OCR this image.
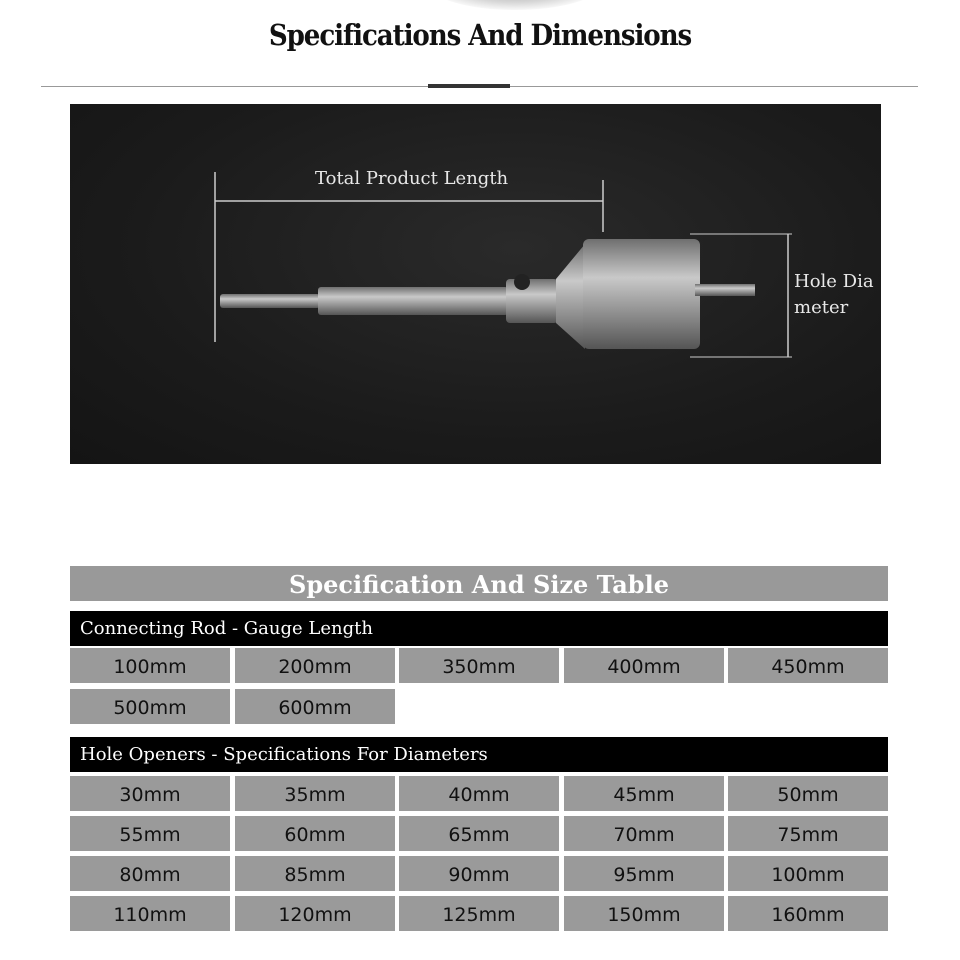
Specifications And Dimensions
Total Product Length
Hole Dia
meter
Specification And Size Table
Connecting Rod - Gauge Length
100mm	200mm	350mm	400mm	450mm
500mm	600mm
Hole Openers - Specifications For Diameters
30mm	35mm	40mm	45mm	50mm
55mm	60mm	65mm	70mm	75mm
80mm	85mm	90mm	95mm	100mm
110mm	120mm	125mm	150mm	160mm
